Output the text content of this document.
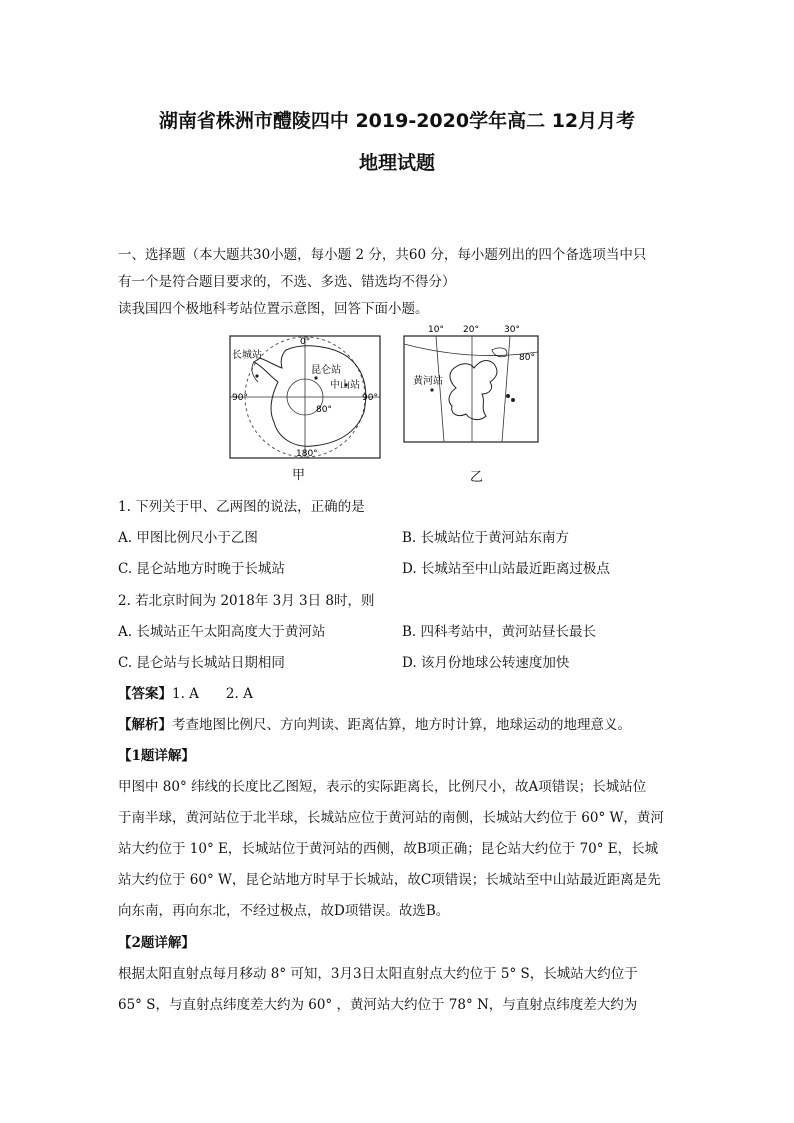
湖南省株洲市醴陵四中 2019-2020学年高二 12月月考
地理试题
一、选择题（本大题共30小题，每小题 2 分，共60 分，每小题列出的四个备选项当中只
有一个是符合题目要求的，不选、多选、错选均不得分）
读我国四个极地科考站位置示意图，回答下面小题。
长城站
昆仑站
中山站
0°
90°	90°
80°
180°
黄河站
10° 20°	30°
80°
甲	乙
1. 下列关于甲、乙两图的说法，正确的是
A. 甲图比例尺小于乙图	B. 长城站位于黄河站东南方
C. 昆仑站地方时晚于长城站	D. 长城站至中山站最近距离过极点
2. 若北京时间为 2018年 3月 3日 8时，则
A. 长城站正午太阳高度大于黄河站	B. 四科考站中，黄河站昼长最长
C. 昆仑站与长城站日期相同	D. 该月份地球公转速度加快
【答案】1. A　　2. A
【解析】考查地图比例尺、方向判读、距离估算，地方时计算，地球运动的地理意义。
【1题详解】
甲图中 80° 纬线的长度比乙图短，表示的实际距离长，比例尺小，故A项错误；长城站位
于南半球，黄河站位于北半球，长城站应位于黄河站的南侧，长城站大约位于 60° W，黄河
站大约位于 10° E，长城站位于黄河站的西侧，故B项正确；昆仑站大约位于 70° E，长城
站大约位于 60° W，昆仑站地方时早于长城站，故C项错误；长城站至中山站最近距离是先
向东南，再向东北，不经过极点，故D项错误。故选B。
【2题详解】
根据太阳直射点每月移动 8° 可知，3月3日太阳直射点大约位于 5° S，长城站大约位于
65° S，与直射点纬度差大约为 60° ，黄河站大约位于 78° N，与直射点纬度差大约为
